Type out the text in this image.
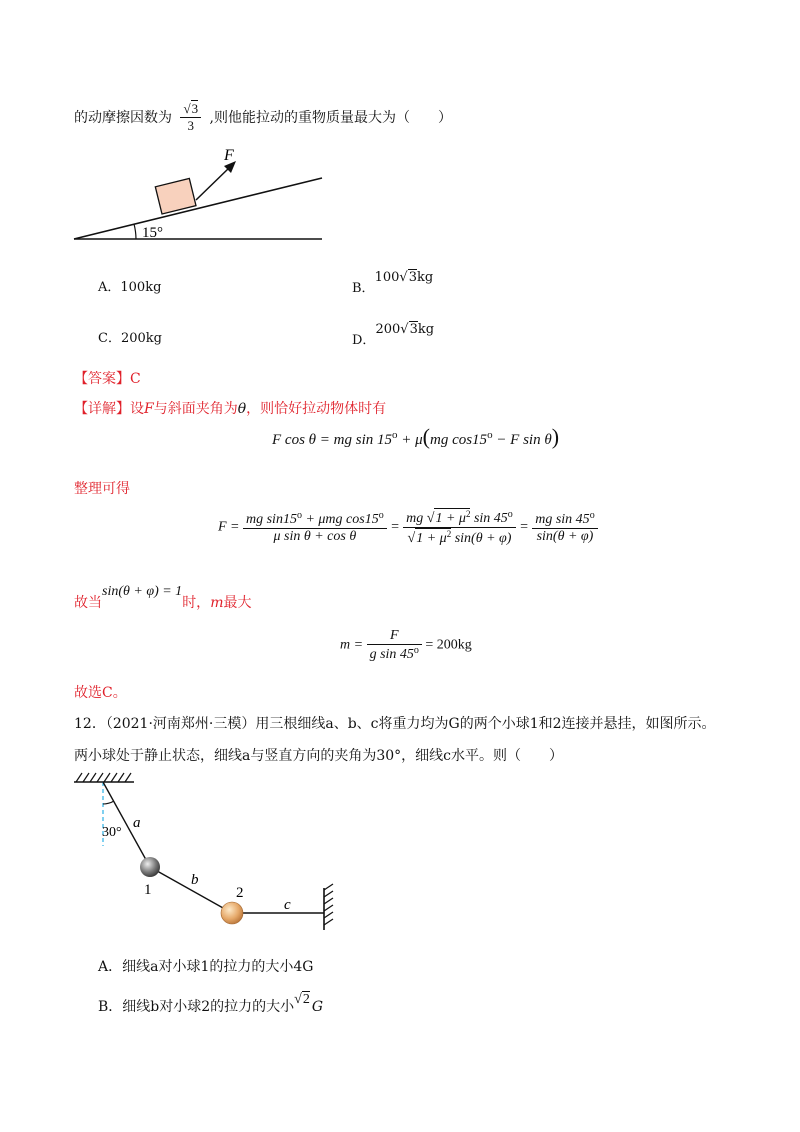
的动摩擦因数为 $\frac{√3}{3}$ ,则他能拉动的重物质量最大为（　　）
15°
F
A．100kg	B．100√3kg
C．200kg	D．200√3kg
【答案】C
【详解】设F与斜面夹角为θ，则恰好拉动物体时有
F cos θ = mg $\sin 15^o + \mu(mg$ $\cos 15^o - F$ sin θ)
整理可得
$F = \frac{mg \sin 15^o + \mu mg \cos 15^o}{\text{μ sin θ + cos θ}} = \frac{mg √1 + \mu^2 \sin 45^o}{√1 + \mu^2 \sin(\theta + \varphi)} = \frac{mg \sin 45^o}{\sin(\theta + \varphi)}$
故当sin(θ + φ) = 1时，m最大
$m = \frac{F}{g \sin 45^o} = 200kg$
故选C。
12．（2021·河南郑州·三模）用三根细线a、b、c将重力均为G的两个小球1和2连接并悬挂，如图所示。
两小球处于静止状态，细线a与竖直方向的夹角为30°，细线c水平。则（　　）
30°
a
b
c
1	2
A．细线a对小球1的拉力的大小4G
B．细线b对小球2的拉力的大小√2 G
